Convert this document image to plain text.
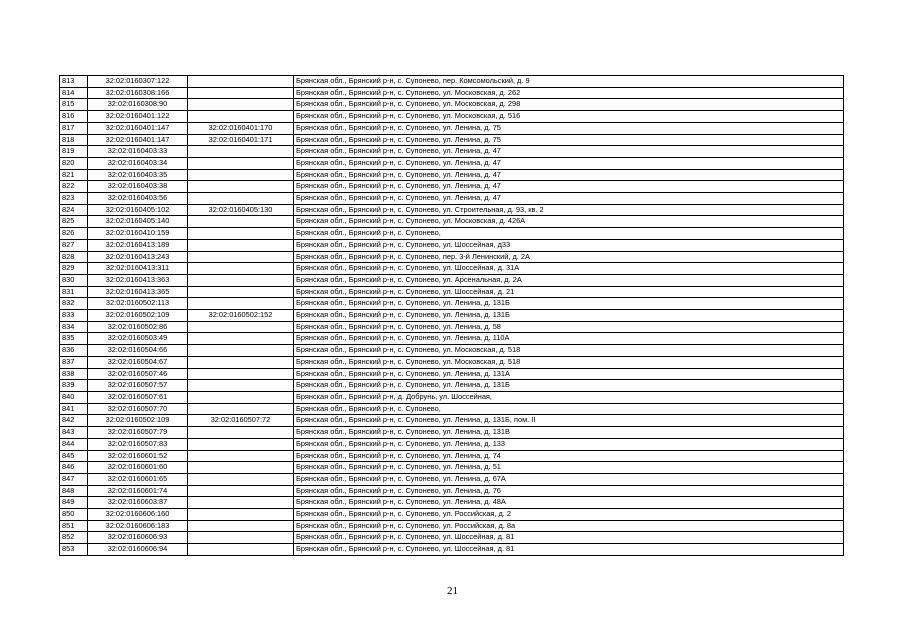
813	32:02:0160307:122		Брянская обл., Брянский р-н, с. Супонево, пер. Комсомольский, д. 9
814	32:02:0160308:166		Брянская обл., Брянский р-н, с. Супонево, ул. Московская, д. 262
815	32:02:0160308:90		Брянская обл., Брянский р-н, с. Супонево, ул. Московская, д. 298
816	32:02:0160401:122		Брянская обл., Брянский р-н, с. Супонево, ул. Московская, д. 516
817	32:02:0160401:147	32:02:0160401:170	Брянская обл., Брянский р-н, с. Супонево, ул. Ленина, д. 75
818	32:02:0160401:147	32:02:0160401:171	Брянская обл., Брянский р-н, с. Супонево, ул. Ленина, д. 75
819	32:02:0160403:33		Брянская обл., Брянский р-н, с. Супонево, ул. Ленина, д. 47
820	32:02:0160403:34		Брянская обл., Брянский р-н, с. Супонево, ул. Ленина, д. 47
821	32:02:0160403:35		Брянская обл., Брянский р-н, с. Супонево, ул. Ленина, д. 47
822	32:02:0160403:38		Брянская обл., Брянский р-н, с. Супонево, ул. Ленина, д. 47
823	32:02:0160403:56		Брянская обл., Брянский р-н, с. Супонево, ул. Ленина, д. 47
824	32:02:0160405:102	32:02:0160405:130	Брянская обл., Брянский р-н, с. Супонево, ул. Строительная, д. 93, кв. 2
825	32:02:0160405:140		Брянская обл., Брянский р-н, с. Супонево, ул. Московская, д. 426А
826	32:02:0160410:159		Брянская обл., Брянский р-н, с. Супонево,
827	32:02:0160413:189		Брянская обл., Брянский р-н, с. Супонево, ул. Шоссейная, д33
828	32:02:0160413:243		Брянская обл., Брянский р-н, с. Супонево, пер. 3-й Ленинский, д. 2А
829	32:02:0160413:311		Брянская обл., Брянский р-н, с. Супонево, ул. Шоссейная, д. 31А
830	32:02:0160413:363		Брянская обл., Брянский р-н, с. Супонево, ул. Арсенальная, д. 2А
831	32:02:0160413:365		Брянская обл., Брянский р-н, с. Супонево, ул. Шоссейная, д. 21
832	32:02:0160502:113		Брянская обл., Брянский р-н, с. Супонево, ул. Ленина, д. 131Б
833	32:02:0160502:109	32:02:0160502:152	Брянская обл., Брянский р-н, с. Супонево, ул. Ленина, д. 131Б
834	32:02:0160502:86		Брянская обл., Брянский р-н, с. Супонево, ул. Ленина, д. 58
835	32:02:0160503:49		Брянская обл., Брянский р-н, с. Супонево, ул. Ленина, д. 110А
836	32:02:0160504:66		Брянская обл., Брянский р-н, с. Супонево, ул. Московская, д. 518
837	32:02:0160504:67		Брянская обл., Брянский р-н, с. Супонево, ул. Московская, д. 518
838	32:02:0160507:46		Брянская обл., Брянский р-н, с. Супонево, ул. Ленина, д. 131А
839	32:02:0160507:57		Брянская обл., Брянский р-н, с. Супонево, ул. Ленина, д. 131Б
840	32:02:0160507:61		Брянская обл., Брянский р-н, д. Добрунь, ул. Шоссейная,
841	32:02:0160507:70		Брянская обл., Брянский р-н, с. Супонево,
842	32:02:0160502:109	32:02:0160507:72	Брянская обл., Брянский р-н, с. Супонево, ул. Ленина, д. 131Б, пом. II
843	32:02:0160507:79		Брянская обл., Брянский р-н, с. Супонево, ул. Ленина, д. 131В
844	32:02:0160507:83		Брянская обл., Брянский р-н, с. Супонево, ул. Ленина, д. 133
845	32:02:0160601:52		Брянская обл., Брянский р-н, с. Супонево, ул. Ленина, д. 74
846	32:02:0160601:60		Брянская обл., Брянский р-н, с. Супонево, ул. Ленина, д. 51
847	32:02:0160601:65		Брянская обл., Брянский р-н, с. Супонево, ул. Ленина, д. 67А
848	32:02:0160601:74		Брянская обл., Брянский р-н, с. Супонево, ул. Ленина, д. 76
849	32:02:0160603:87		Брянская обл., Брянский р-н, с. Супонево, ул. Ленина, д. 48А
850	32:02:0160606:160		Брянская обл., Брянский р-н, с. Супонево, ул. Российская, д. 2
851	32:02:0160606:183		Брянская обл., Брянский р-н, с. Супонево, ул. Российская, д. 8а
852	32:02:0160606:93		Брянская обл., Брянский р-н, с. Супонево, ул. Шоссейная, д. 81
853	32:02:0160606:94		Брянская обл., Брянский р-н, с. Супонево, ул. Шоссейная, д. 81
21
